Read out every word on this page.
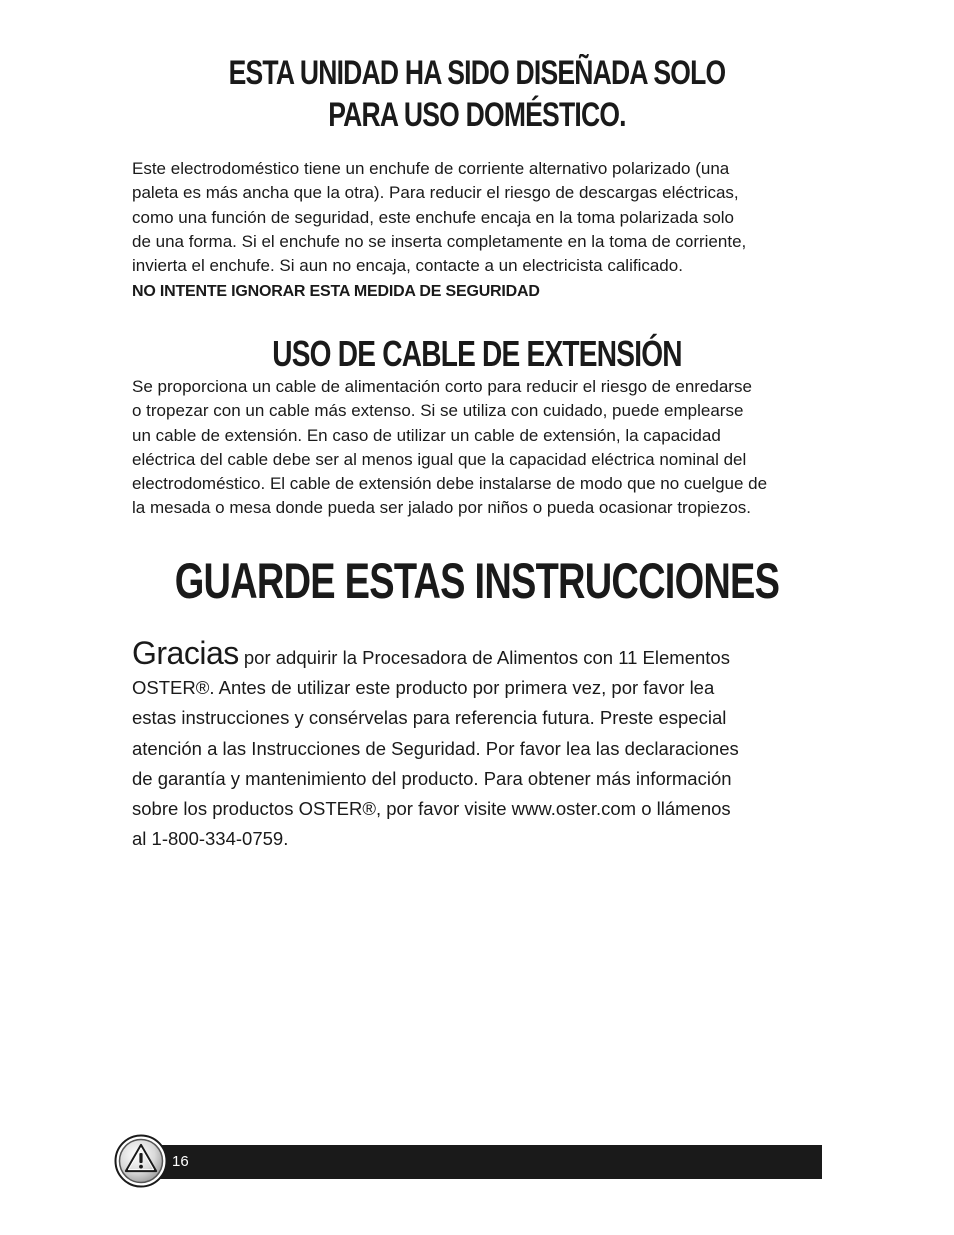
ESTA UNIDAD HA SIDO DISEÑADA SOLO
PARA USO DOMÉSTICO.

Este electrodoméstico tiene un enchufe de corriente alternativo polarizado (una
paleta es más ancha que la otra). Para reducir el riesgo de descargas eléctricas,
como una función de seguridad, este enchufe encaja en la toma polarizada solo
de una forma. Si el enchufe no se inserta completamente en la toma de corriente,
invierta el enchufe. Si aun no encaja, contacte a un electricista calificado.

NO INTENTE IGNORAR ESTA MEDIDA DE SEGURIDAD

USO DE CABLE DE EXTENSIÓN

Se proporciona un cable de alimentación corto para reducir el riesgo de enredarse
o tropezar con un cable más extenso. Si se utiliza con cuidado, puede emplearse
un cable de extensión. En caso de utilizar un cable de extensión, la capacidad
eléctrica del cable debe ser al menos igual que la capacidad eléctrica nominal del
electrodoméstico. El cable de extensión debe instalarse de modo que no cuelgue de
la mesada o mesa donde pueda ser jalado por niños o pueda ocasionar tropiezos.

GUARDE ESTAS INSTRUCCIONES

Gracias por adquirir la Procesadora de Alimentos con 11 Elementos
OSTER®. Antes de utilizar este producto por primera vez, por favor lea
estas instrucciones y consérvelas para referencia futura. Preste especial
atención a las Instrucciones de Seguridad. Por favor lea las declaraciones
de garantía y mantenimiento del producto. Para obtener más información
sobre los productos OSTER®, por favor visite www.oster.com o llámenos
al 1-800-334-0759.

16
